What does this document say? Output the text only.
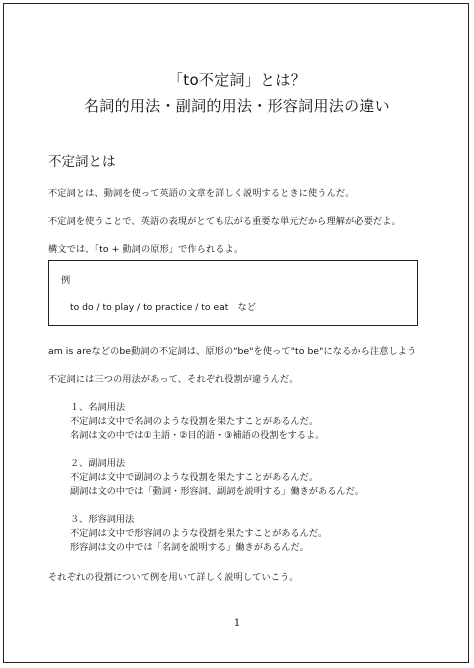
「to不定詞」とは？
名詞的用法・副詞的用法・形容詞用法の違い
不定詞とは
不定詞とは、動詞を使って英語の文章を詳しく説明するときに使うんだ。
不定詞を使うことで、英語の表現がとても広がる重要な単元だから理解が必要だよ。
構文では、「to + 動詞の原形」で作られるよ。
例
to do / to play / to practice / to eat　など
am is areなどのbe動詞の不定詞は、原形の"be"を使って"to be"になるから注意しよう
不定詞には三つの用法があって、それぞれ役割が違うんだ。
１、名詞用法
不定詞は文中で名詞のような役割を果たすことがあるんだ。
名詞は文の中では①主語・②目的語・③補語の役割をするよ。
２、副詞用法
不定詞は文中で副詞のような役割を果たすことがあるんだ。
副詞は文の中では「動詞・形容詞、副詞を説明する」働きがあるんだ。
３、形容詞用法
不定詞は文中で形容詞のような役割を果たすことがあるんだ。
形容詞は文の中では「名詞を説明する」働きがあるんだ。
それぞれの役割について例を用いて詳しく説明していこう。
1
